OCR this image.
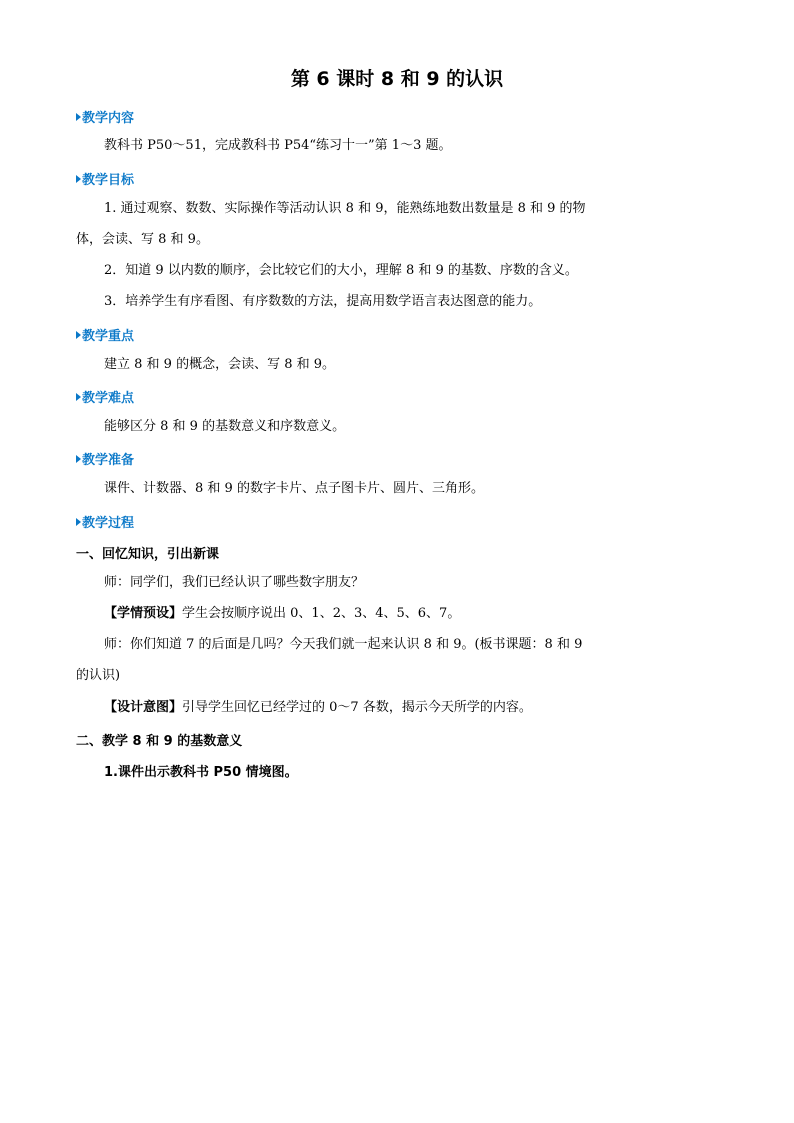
第 6 课时 8 和 9 的认识
教学内容
教科书 P50～51，完成教科书 P54“练习十一”第 1～3 题。
教学目标
1. 通过观察、数数、实际操作等活动认识 8 和 9，能熟练地数出数量是 8 和 9 的物
体，会读、写 8 和 9。
2．知道 9 以内数的顺序，会比较它们的大小，理解 8 和 9 的基数、序数的含义。
3．培养学生有序看图、有序数数的方法，提高用数学语言表达图意的能力。
教学重点
建立 8 和 9 的概念，会读、写 8 和 9。
教学难点
能够区分 8 和 9 的基数意义和序数意义。
教学准备
课件、计数器、8 和 9 的数字卡片、点子图卡片、圆片、三角形。
教学过程
一、回忆知识，引出新课
师：同学们，我们已经认识了哪些数字朋友？
【学情预设】学生会按顺序说出 0、1、2、3、4、5、6、7。
师：你们知道 7 的后面是几吗？今天我们就一起来认识 8 和 9。(板书课题：8 和 9
的认识)
【设计意图】引导学生回忆已经学过的 0～7 各数，揭示今天所学的内容。
二、教学 8 和 9 的基数意义
1.课件出示教科书 P50 情境图。
